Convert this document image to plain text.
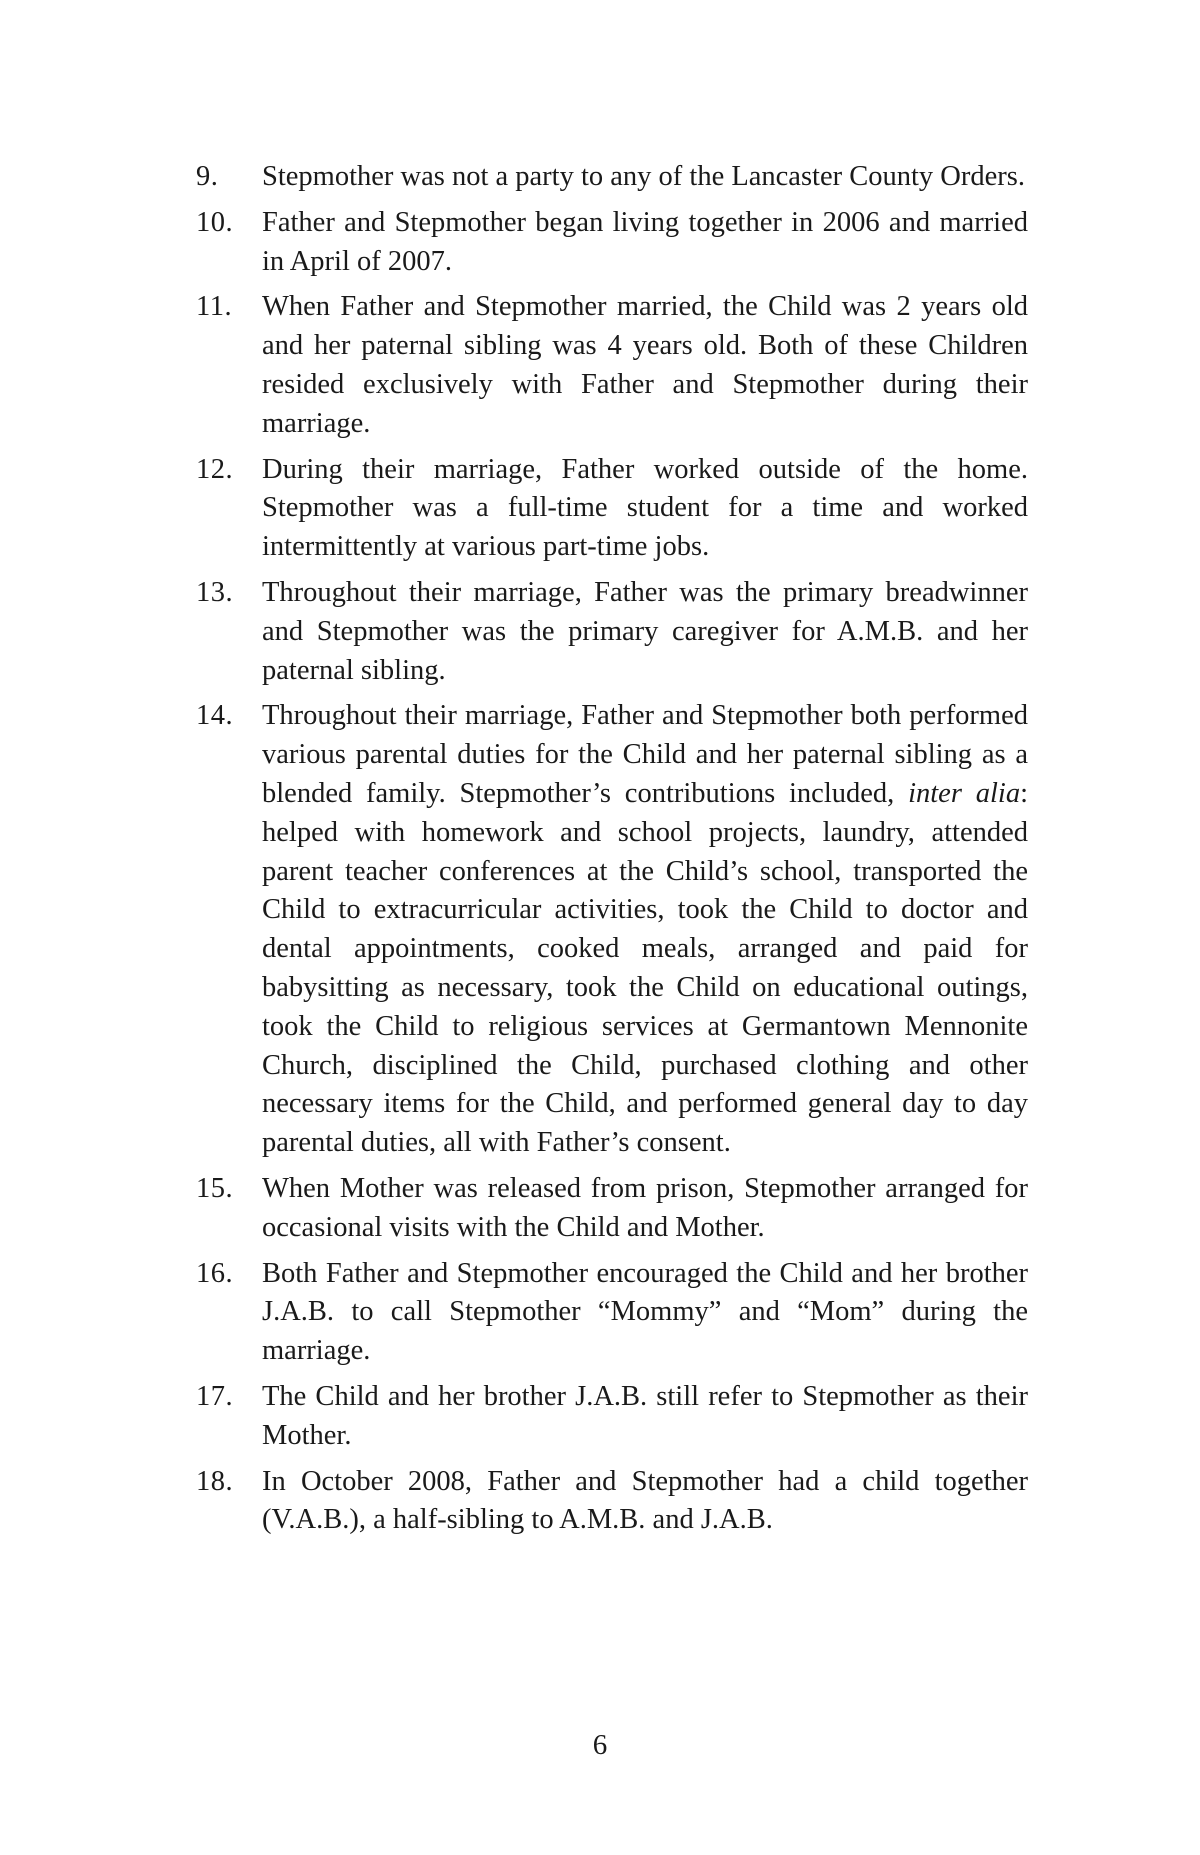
9.	Stepmother was not a party to any of the Lancaster County Orders.
10.	Father and Stepmother began living together in 2006 and married in April of 2007.
11.	When Father and Stepmother married, the Child was 2 years old and her paternal sibling was 4 years old. Both of these Children resided exclusively with Father and Stepmother during their marriage.
12.	During their marriage, Father worked outside of the home. Stepmother was a full-time student for a time and worked intermittently at various part-time jobs.
13.	Throughout their marriage, Father was the primary breadwinner and Stepmother was the primary caregiver for A.M.B. and her paternal sibling.
14.	Throughout their marriage, Father and Stepmother both performed various parental duties for the Child and her paternal sibling as a blended family. Stepmother’s contributions included, inter alia: helped with homework and school projects, laundry, attended parent teacher conferences at the Child’s school, transported the Child to extracurricular activities, took the Child to doctor and dental appointments, cooked meals, arranged and paid for babysitting as necessary, took the Child on educational outings, took the Child to religious services at Germantown Mennonite Church, disciplined the Child, purchased clothing and other necessary items for the Child, and performed general day to day parental duties, all with Father’s consent.
15.	When Mother was released from prison, Stepmother arranged for occasional visits with the Child and Mother.
16.	Both Father and Stepmother encouraged the Child and her brother J.A.B. to call Stepmother “Mommy” and “Mom” during the marriage.
17.	The Child and her brother J.A.B. still refer to Stepmother as their Mother.
18.	In October 2008, Father and Stepmother had a child together (V.A.B.), a half-sibling to A.M.B. and J.A.B.
6
